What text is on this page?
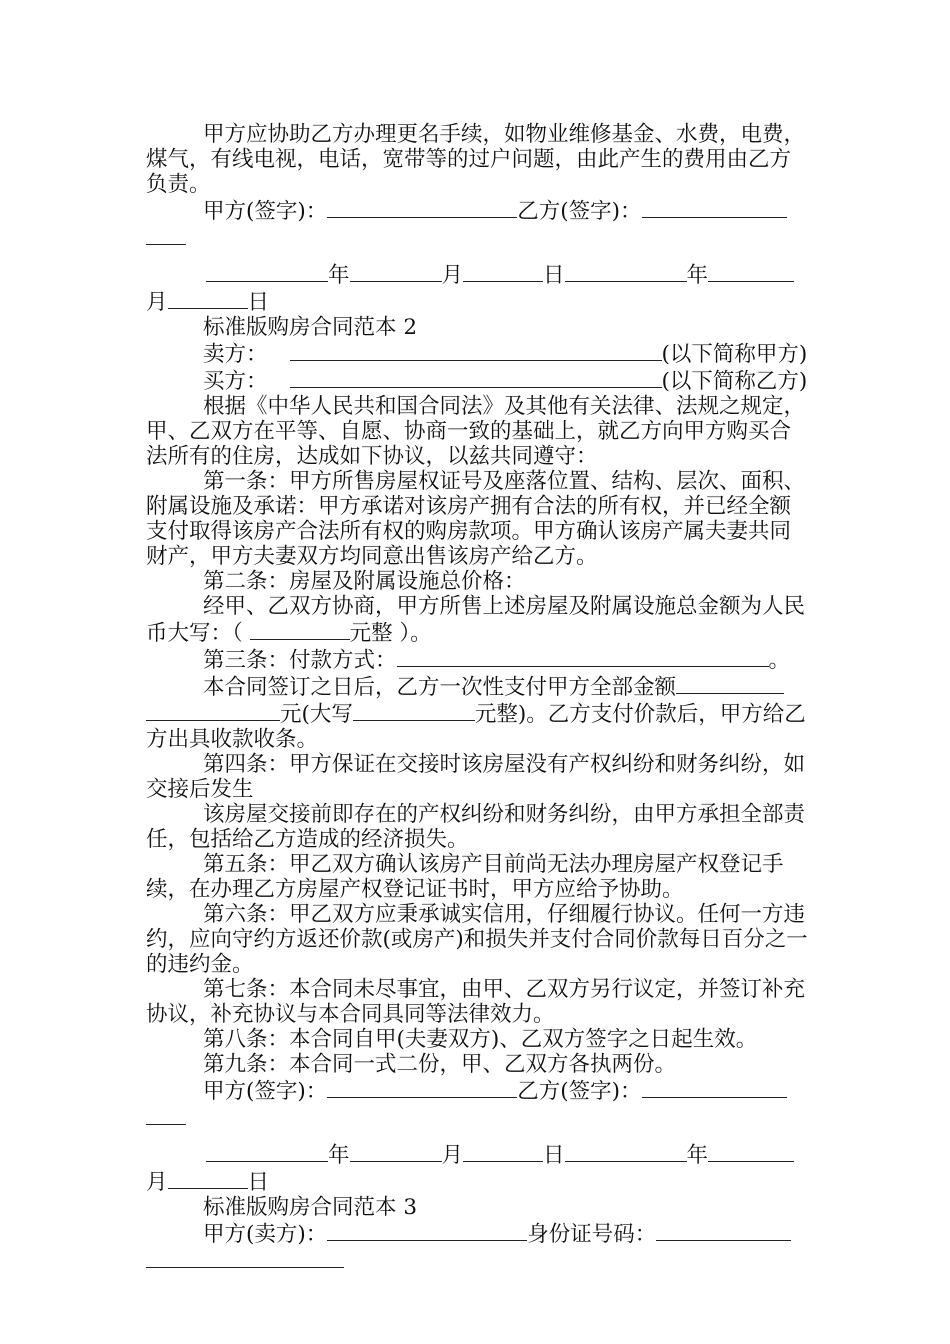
甲方应协助乙方办理更名手续，如物业维修基金、水费，电费，煤气，有线电视，电话，宽带等的过户问题，由此产生的费用由乙方负责。

甲方(签字)：	乙方(签字)：

年	月	日	年

月	日

标准版购房合同范本 2

卖方：	(以下简称甲方)

买方：	(以下简称乙方)

根据《中华人民共和国合同法》及其他有关法律、法规之规定，甲、乙双方在平等、自愿、协商一致的基础上，就乙方向甲方购买合法所有的住房，达成如下协议，以兹共同遵守：

第一条：甲方所售房屋权证号及座落位置、结构、层次、面积、附属设施及承诺：甲方承诺对该房产拥有合法的所有权，并已经全额支付取得该房产合法所有权的购房款项。甲方确认该房产属夫妻共同财产，甲方夫妻双方均同意出售该房产给乙方。

第二条：房屋及附属设施总价格：

经甲、乙双方协商，甲方所售上述房屋及附属设施总金额为人民币大写：（	元整 ）。

第三条：付款方式：	。

本合同签订之日后，乙方一次性支付甲方全部金额元(大写	元整)。乙方支付价款后，甲方给乙方出具收款收条。

第四条：甲方保证在交接时该房屋没有产权纠纷和财务纠纷，如交接后发生

该房屋交接前即存在的产权纠纷和财务纠纷，由甲方承担全部责任，包括给乙方造成的经济损失。

第五条：甲乙双方确认该房产目前尚无法办理房屋产权登记手续，在办理乙方房屋产权登记证书时，甲方应给予协助。

第六条：甲乙双方应秉承诚实信用，仔细履行协议。任何一方违约，应向守约方返还价款(或房产)和损失并支付合同价款每日百分之一的违约金。

第七条：本合同未尽事宜，由甲、乙双方另行议定，并签订补充协议，补充协议与本合同具同等法律效力。

第八条：本合同自甲(夫妻双方)、乙双方签字之日起生效。

第九条：本合同一式二份，甲、乙双方各执两份。

甲方(签字)：	乙方(签字)：

年	月	日	年

月	日

标准版购房合同范本 3

甲方(卖方)：	身份证号码：
